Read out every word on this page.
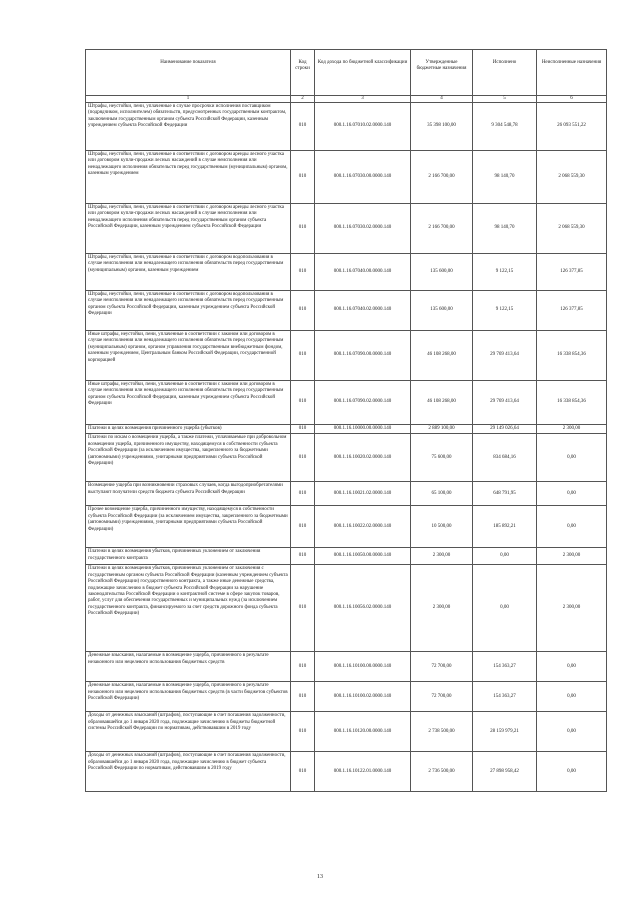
Наименование показателя	Код строки	Код дохода по бюджетной классификации	Утвержденные бюджетные назначения	Исполнено	Неисполненные назначения
1	2	3	4	5	6
Штрафы, неустойки, пени, уплаченные в случае просрочки исполнения поставщиком (подрядчиком, исполнителем) обязательств, предусмотренных государственным контрактом, заключенным государственным органом субъекта Российской Федерации, казенным учреждением субъекта Российской Федерации	010	000.1.16.07010.02.0000.140	35 398 100,00	9 304 548,78	26 093 551,22
Штрафы, неустойки, пени, уплаченные в соответствии с договором аренды лесного участка или договором купли-продажи лесных насаждений в случае неисполнения или ненадлежащего исполнения обязательств перед государственным (муниципальным) органом, казенным учреждением	010	000.1.16.07030.00.0000.140	2 166 700,00	98 140,70	2 068 559,30
Штрафы, неустойки, пени, уплаченные в соответствии с договором аренды лесного участка или договором купли-продажи лесных насаждений в случае неисполнения или ненадлежащего исполнения обязательств перед государственным органом субъекта Российской Федерации, казенным учреждением субъекта Российской Федерации	010	000.1.16.07030.02.0000.140	2 166 700,00	98 140,70	2 068 559,30
Штрафы, неустойки, пени, уплаченные в соответствии с договором водопользования в случае неисполнения или ненадлежащего исполнения обязательств перед государственным (муниципальным) органом, казенным учреждением	010	000.1.16.07040.00.0000.140	135 600,00	9 122,15	126 377,85
Штрафы, неустойки, пени, уплаченные в соответствии с договором водопользования в случае неисполнения или ненадлежащего исполнения обязательств перед государственным органом субъекта Российской Федерации, казенным учреждением субъекта Российской Федерации	010	000.1.16.07040.02.0000.140	135 600,00	9 122,15	126 377,85
Иные штрафы, неустойки, пени, уплаченные в соответствии с законом или договором в случае неисполнения или ненадлежащего исполнения обязательств перед государственным (муниципальным) органом, органом управления государственным внебюджетным фондом, казенным учреждением, Центральным банком Российской Федерации, государственной корпорацией	010	000.1.16.07090.00.0000.140	46 108 268,00	29 769 413,64	16 338 854,36
Иные штрафы, неустойки, пени, уплаченные в соответствии с законом или договором в случае неисполнения или ненадлежащего исполнения обязательств перед государственным органом субъекта Российской Федерации, казенным учреждением субъекта Российской Федерации	010	000.1.16.07090.02.0000.140	46 108 268,00	29 769 413,64	16 338 854,36
Платежи в целях возмещения причиненного ущерба (убытков)	010	000.1.16.10000.00.0000.140	2 889 100,00	29 149 026,64	2 300,00
Платежи по искам о возмещении ущерба, а также платежи, уплачиваемые при добровольном возмещении ущерба, причиненного имуществу, находящемуся в собственности субъекта Российской Федерации (за исключением имущества, закрепленного за бюджетными (автономными) учреждениями, унитарными предприятиями субъекта Российской Федерации)	010	000.1.16.10020.02.0000.140	75 600,00	834 684,16	0,00
Возмещение ущерба при возникновении страховых случаев, когда выгодоприобретателями выступают получатели средств бюджета субъекта Российской Федерации	010	000.1.16.10021.02.0000.140	65 100,00	648 791,95	0,00
Прочее возмещение ущерба, причиненного имуществу, находящемуся в собственности субъекта Российской Федерации (за исключением имущества, закрепленного за бюджетными (автономными) учреждениями, унитарными предприятиями субъекта Российской Федерации)	010	000.1.16.10022.02.0000.140	10 500,00	185 892,21	0,00
Платежи в целях возмещения убытков, причиненных уклонением от заключения государственного контракта	010	000.1.16.10050.00.0000.140	2 300,00	0,00	2 300,00
Платежи в целях возмещения убытков, причиненных уклонением от заключения с государственным органом субъекта Российской Федерации (казенным учреждением субъекта Российской Федерации) государственного контракта, а также иные денежные средства, подлежащие зачислению в бюджет субъекта Российской Федерации за нарушение законодательства Российской Федерации о контрактной системе в сфере закупок товаров, работ, услуг для обеспечения государственных и муниципальных нужд (за исключением государственного контракта, финансируемого за счет средств дорожного фонда субъекта Российской Федерации)	010	000.1.16.10056.02.0000.140	2 300,00	0,00	2 300,00
Денежные взыскания, налагаемые в возмещение ущерба, причиненного в результате незаконного или нецелевого использования бюджетных средств	010	000.1.16.10100.00.0000.140	72 700,00	154 363,27	0,00
Денежные взыскания, налагаемые в возмещение ущерба, причиненного в результате незаконного или нецелевого использования бюджетных средств (в части бюджетов субъектов Российской Федерации)	010	000.1.16.10100.02.0000.140	72 700,00	154 363,27	0,00
Доходы от денежных взысканий (штрафов), поступающие в счет погашения задолженности, образовавшейся до 1 января 2020 года, подлежащие зачислению в бюджеты бюджетной системы Российской Федерации по нормативам, действовавшим в 2019 году	010	000.1.16.10120.00.0000.140	2 738 500,00	28 159 979,21	0,00
Доходы от денежных взысканий (штрафов), поступающие в счет погашения задолженности, образовавшейся до 1 января 2020 года, подлежащие зачислению в бюджет субъекта Российской Федерации по нормативам, действовавшим в 2019 году	010	000.1.16.10122.01.0000.140	2 736 500,00	27 898 958,42	0,00
13
